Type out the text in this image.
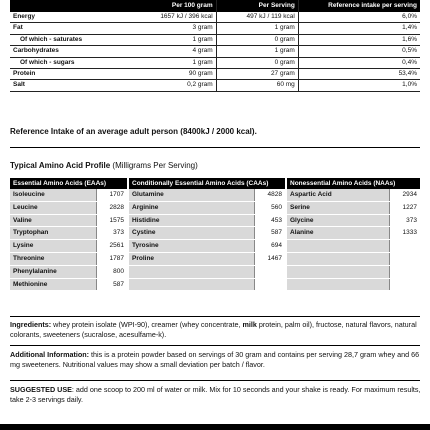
	Per 100 gram	Per Serving	Reference intake per serving
Energy	1657 kJ / 396 kcal	497 kJ / 119 kcal	6,0%
Fat	3 gram	1 gram	1,4%
Of which - saturates	1 gram	0 gram	1,6%
Carbohydrates	4 gram	1 gram	0,5%
Of which - sugars	1 gram	0 gram	0,4%
Protein	90 gram	27 gram	53,4%
Salt	0,2 gram	60 mg	1,0%
Reference Intake of an average adult person (8400kJ / 2000 kcal).
Typical Amino Acid Profile (Milligrams Per Serving)
Essential Amino Acids (EAAs)
Isoleucine	1707
Leucine	2828
Valine	1575
Tryptophan	373
Lysine	2561
Threonine	1787
Phenylalanine	800
Methionine	587
Conditionally Essential Amino Acids (CAAs)
Glutamine	4828
Arginine	560
Histidine	453
Cystine	587
Tyrosine	694
Proline	1467
Nonessential Amino Acids (NAAs)
Aspartic Acid	2934
Serine	1227
Glycine	373
Alanine	1333
Ingredients: whey protein isolate (WPI-90), creamer (whey concentrate, milk protein, palm oil), fructose, natural flavors, natural colorants, sweeteners (sucralose, acesulfame-k).
Additional Information: this is a protein powder based on servings of 30 gram and contains per serving 28,7 gram whey and 66 mg sweeteners. Nutritional values may show a small deviation per batch / flavor.
SUGGESTED USE: add one scoop to 200 ml of water or milk. Mix for 10 seconds and your shake is ready. For maximum results, take 2-3 servings daily.
